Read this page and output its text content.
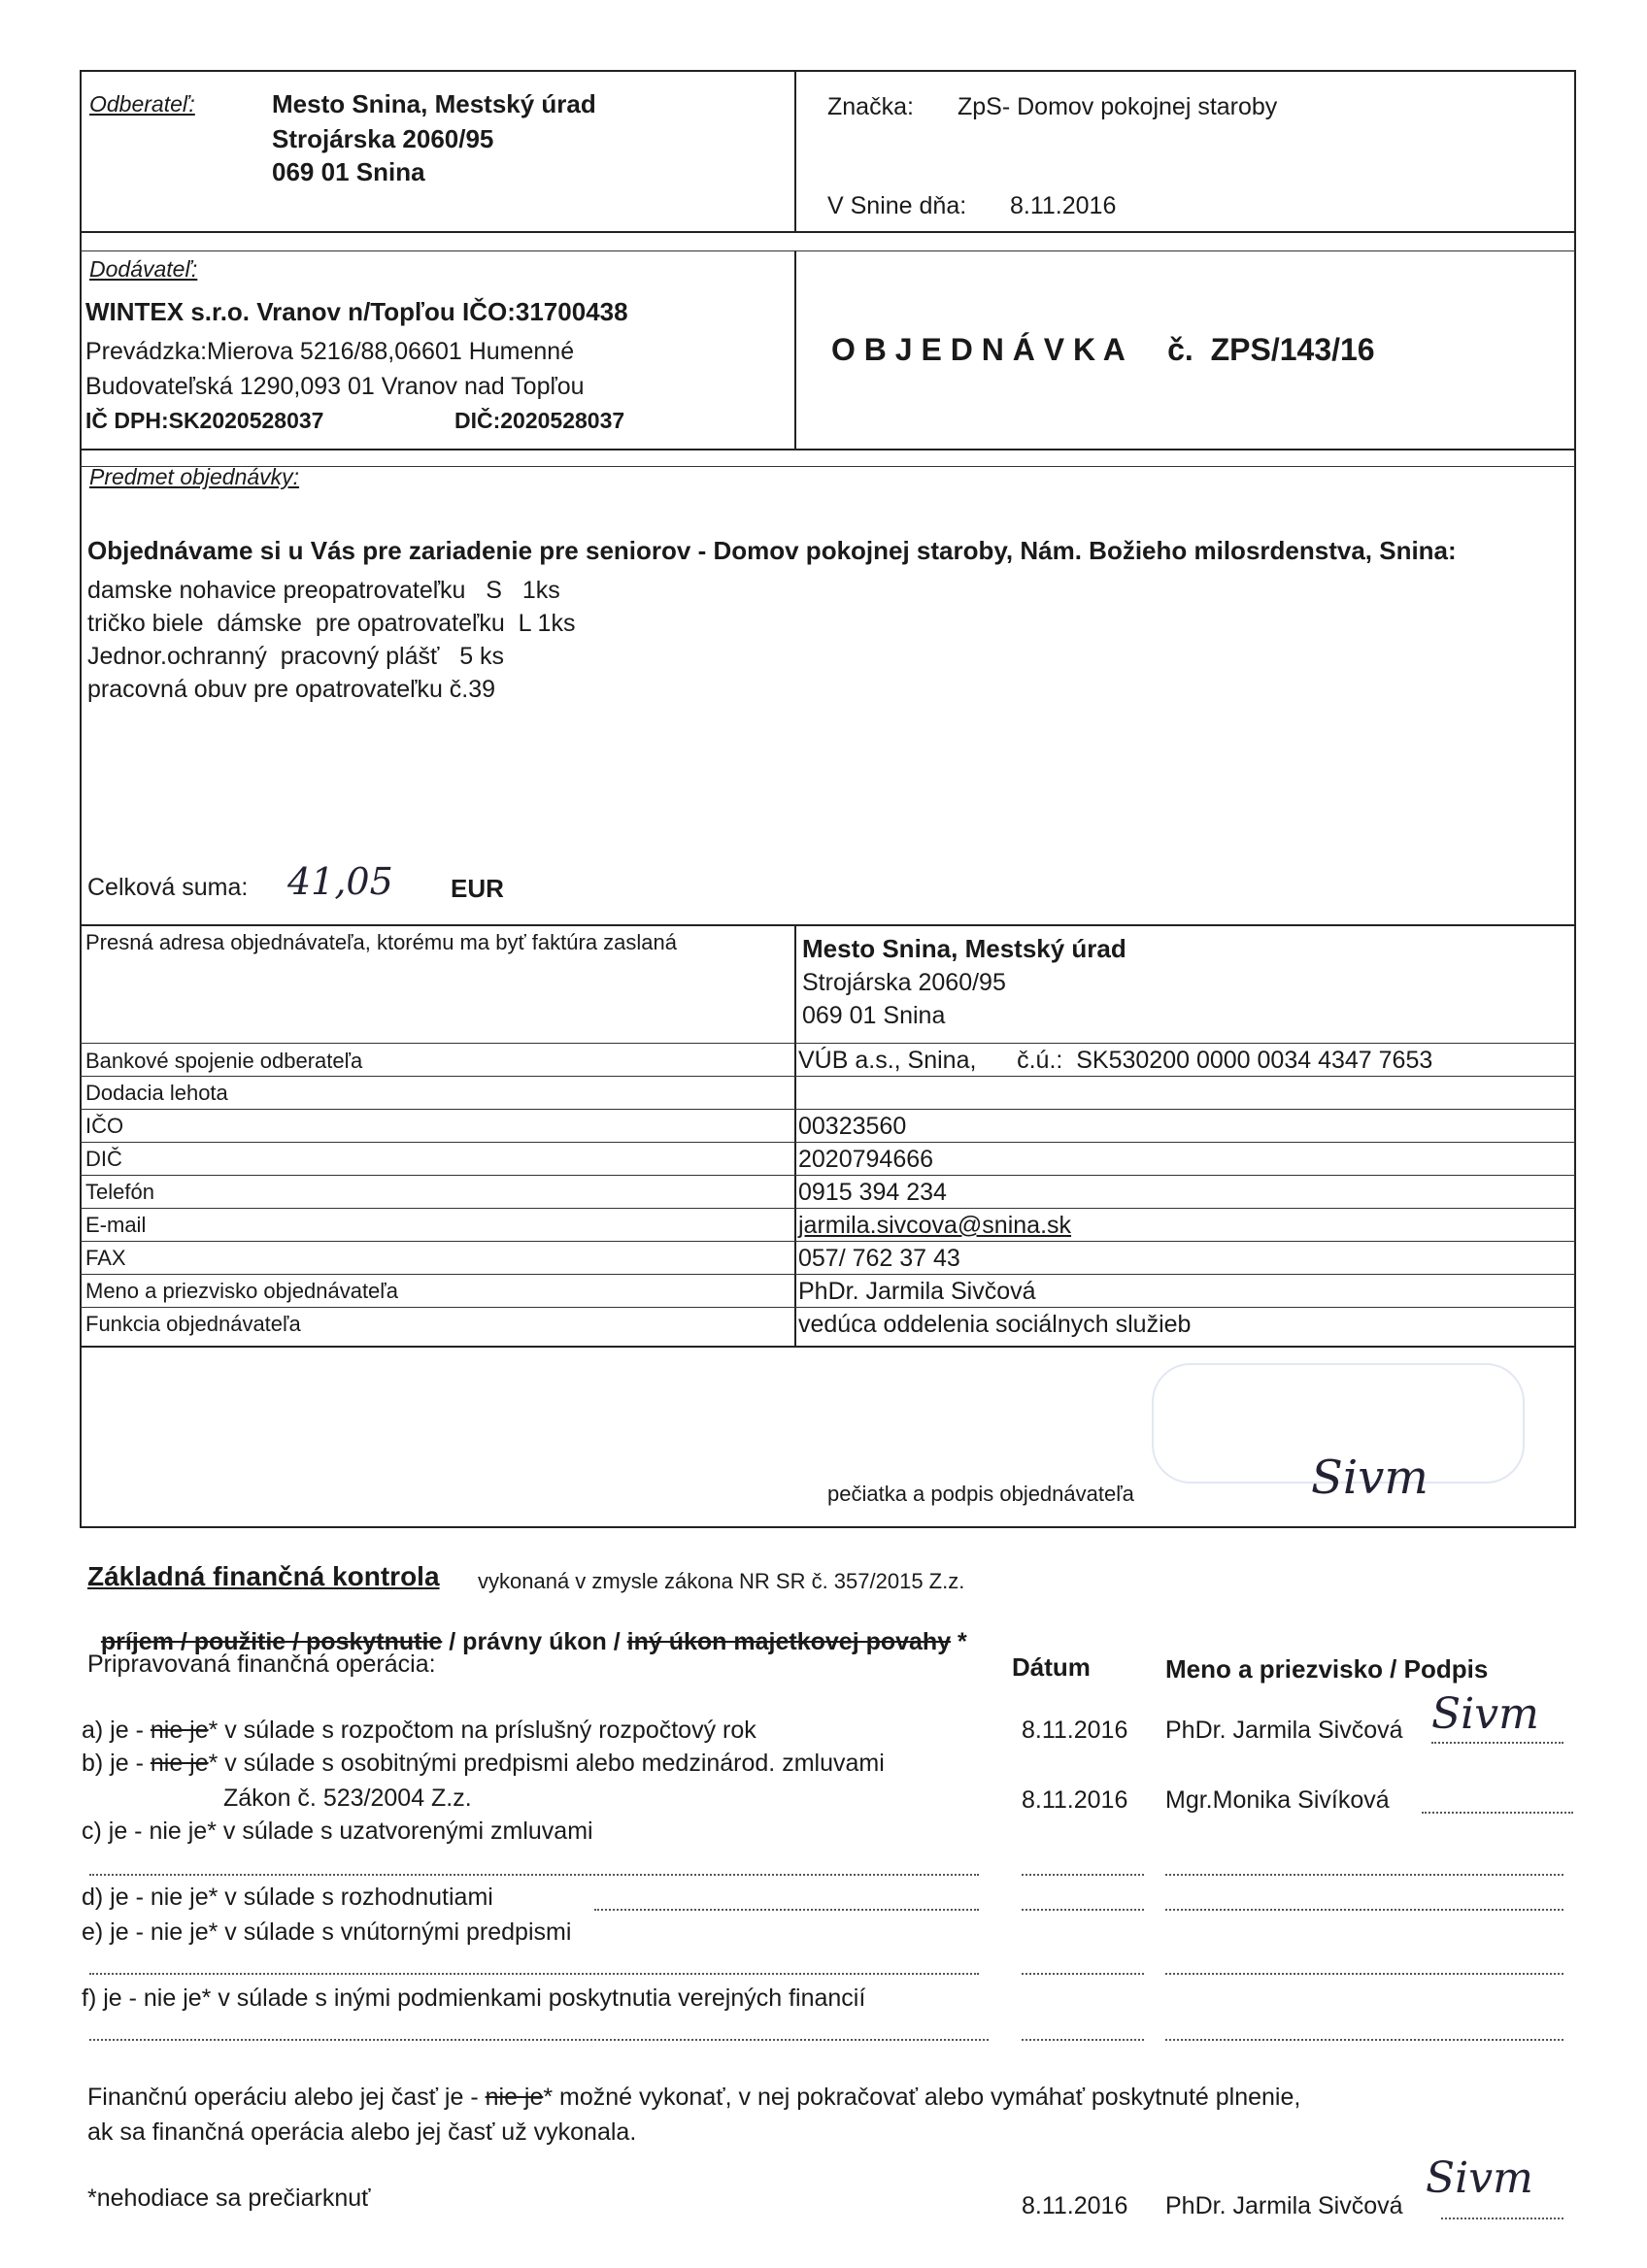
Odberateľ:	Mesto Snina, Mestský úrad
Strojárska 2060/95
069 01 Snina
Značka: ZpS- Domov pokojnej staroby
V Snine dňa: 8.11.2016
Dodávateľ:
WINTEX s.r.o. Vranov n/Topľou IČO:31700438
Prevádzka:Mierova 5216/88,06601 Humenné
Budovateľská 1290,093 01 Vranov nad Topľou
IČ DPH:SK2020528037	DIČ:2020528037
O B J E D N Á V K A     č.  ZPS/143/16
Predmet objednávky:
Objednávame si u Vás pre zariadenie pre seniorov - Domov pokojnej staroby, Nám. Božieho milosrdenstva, Snina:
damske nohavice preopatrovateľku   S   1ks
tričko biele  dámske  pre opatrovateľku  L 1ks
Jednor.ochranný  pracovný plášť   5 ks
pracovná obuv pre opatrovateľku č.39
Celková suma: 41,05 EUR
Presná adresa objednávateľa, ktorému ma byť faktúra zaslaná	Mesto Snina, Mestský úrad
Strojárska 2060/95
069 01 Snina
Bankové spojenie odberateľa	VÚB a.s., Snina,      č.ú.:  SK530200 0000 0034 4347 7653
Dodacia lehota
IČO	00323560
DIČ	2020794666
Telefón	0915 394 234
E-mail	jarmila.sivcova@snina.sk
FAX	057/ 762 37 43
Meno a priezvisko objednávateľa	PhDr. Jarmila Sivčová
Funkcia objednávateľa	vedúca oddelenia sociálnych služieb
pečiatka a podpis objednávateľa	Sivm
Základná finančná kontrola vykonaná v zmysle zákona NR SR č. 357/2015 Z.z.

príjem / použitie / poskytnutie / právny úkon / iný úkon majetkovej povahy *

Pripravovaná finančná operácia:	Dátum	Meno a priezvisko / Podpis
a) je - nie je* v súlade s rozpočtom na príslušný rozpočtový rok	8.11.2016 PhDr. Jarmila Sivčová Sivm
b) je - nie je* v súlade s osobitnými predpismi alebo medzinárod. zmluvami
Zákon č. 523/2004 Z.z.	8.11.2016 Mgr.Monika Sivíková
c) je - nie je* v súlade s uzatvorenými zmluvami
d) je - nie je* v súlade s rozhodnutiami
e) je - nie je* v súlade s vnútornými predpismi
f) je - nie je* v súlade s inými podmienkami poskytnutia verejných financií
Finančnú operáciu alebo jej časť je - nie je* možné vykonať, v nej pokračovať alebo vymáhať poskytnuté plnenie,
ak sa finančná operácia alebo jej časť už vykonala.
*nehodiace sa prečiarknuť	8.11.2016 PhDr. Jarmila Sivčová
Sivm
